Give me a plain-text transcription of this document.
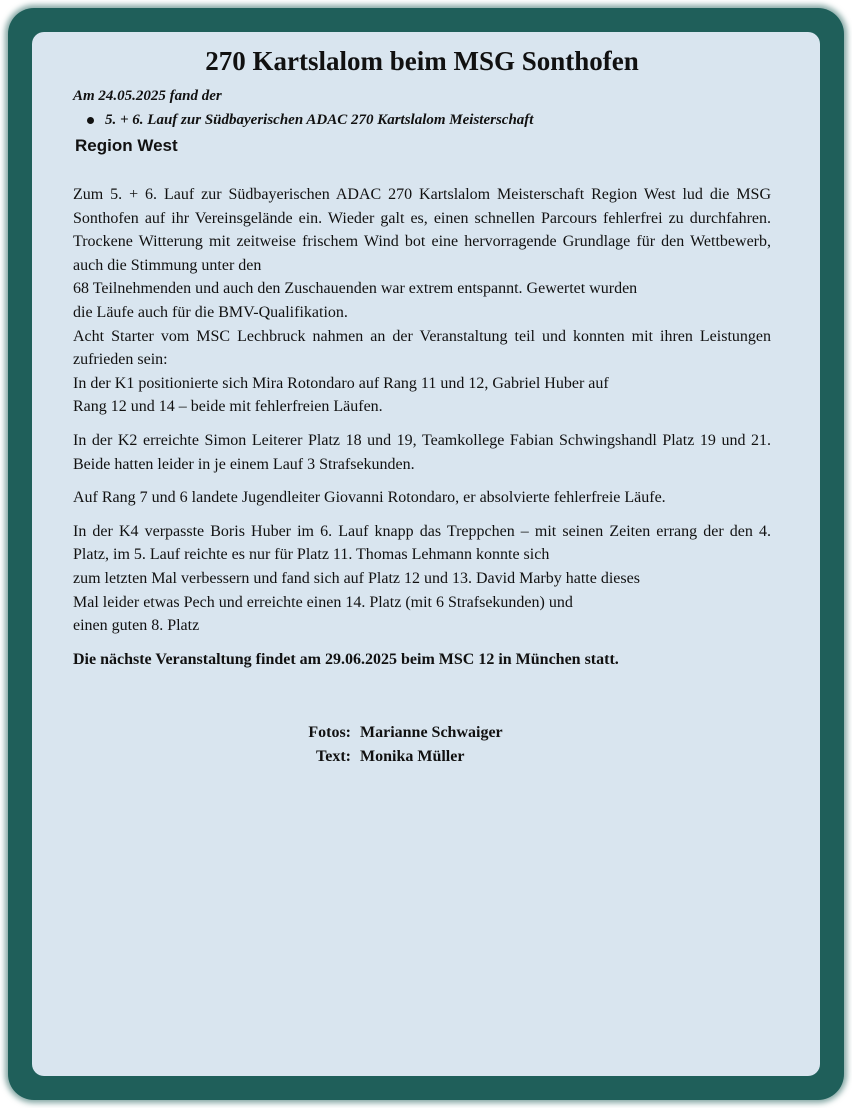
270 Kartslalom beim MSG Sonthofen

Am 24.05.2025 fand der

5. + 6. Lauf zur Südbayerischen ADAC 270 Kartslalom Meisterschaft
Region West

Zum 5. + 6. Lauf zur Südbayerischen ADAC 270 Kartslalom Meisterschaft Region West lud die MSG Sonthofen auf ihr Vereinsgelände ein. Wieder galt es, einen schnellen Parcours fehlerfrei zu durchfahren. Trockene Witterung mit zeitweise frischem Wind bot eine hervorragende Grundlage für den Wettbewerb, auch die Stimmung unter den

68 Teilnehmenden und auch den Zuschauenden war extrem entspannt. Gewertet wurden

die Läufe auch für die BMV-Qualifikation.

Acht Starter vom MSC Lechbruck nahmen an der Veranstaltung teil und konnten mit ihren Leistungen zufrieden sein:

In der K1 positionierte sich Mira Rotondaro auf Rang 11 und 12, Gabriel Huber auf

Rang 12 und 14 – beide mit fehlerfreien Läufen.

In der K2 erreichte Simon Leiterer Platz 18 und 19, Teamkollege Fabian Schwingshandl Platz 19 und 21. Beide hatten leider in je einem Lauf 3 Strafsekunden.

Auf Rang 7 und 6 landete Jugendleiter Giovanni Rotondaro, er absolvierte fehlerfreie Läufe.

In der K4 verpasste Boris Huber im 6. Lauf knapp das Treppchen – mit seinen Zeiten errang der den 4. Platz, im 5. Lauf reichte es nur für Platz 11. Thomas Lehmann konnte sich

zum letzten Mal verbessern und fand sich auf Platz 12 und 13. David Marby hatte dieses

Mal leider etwas Pech und erreichte einen 14. Platz (mit 6 Strafsekunden) und

einen guten 8. Platz

Die nächste Veranstaltung findet am 29.06.2025 beim MSC 12 in München statt.

Fotos: Marianne Schwaiger
Text: Monika Müller
